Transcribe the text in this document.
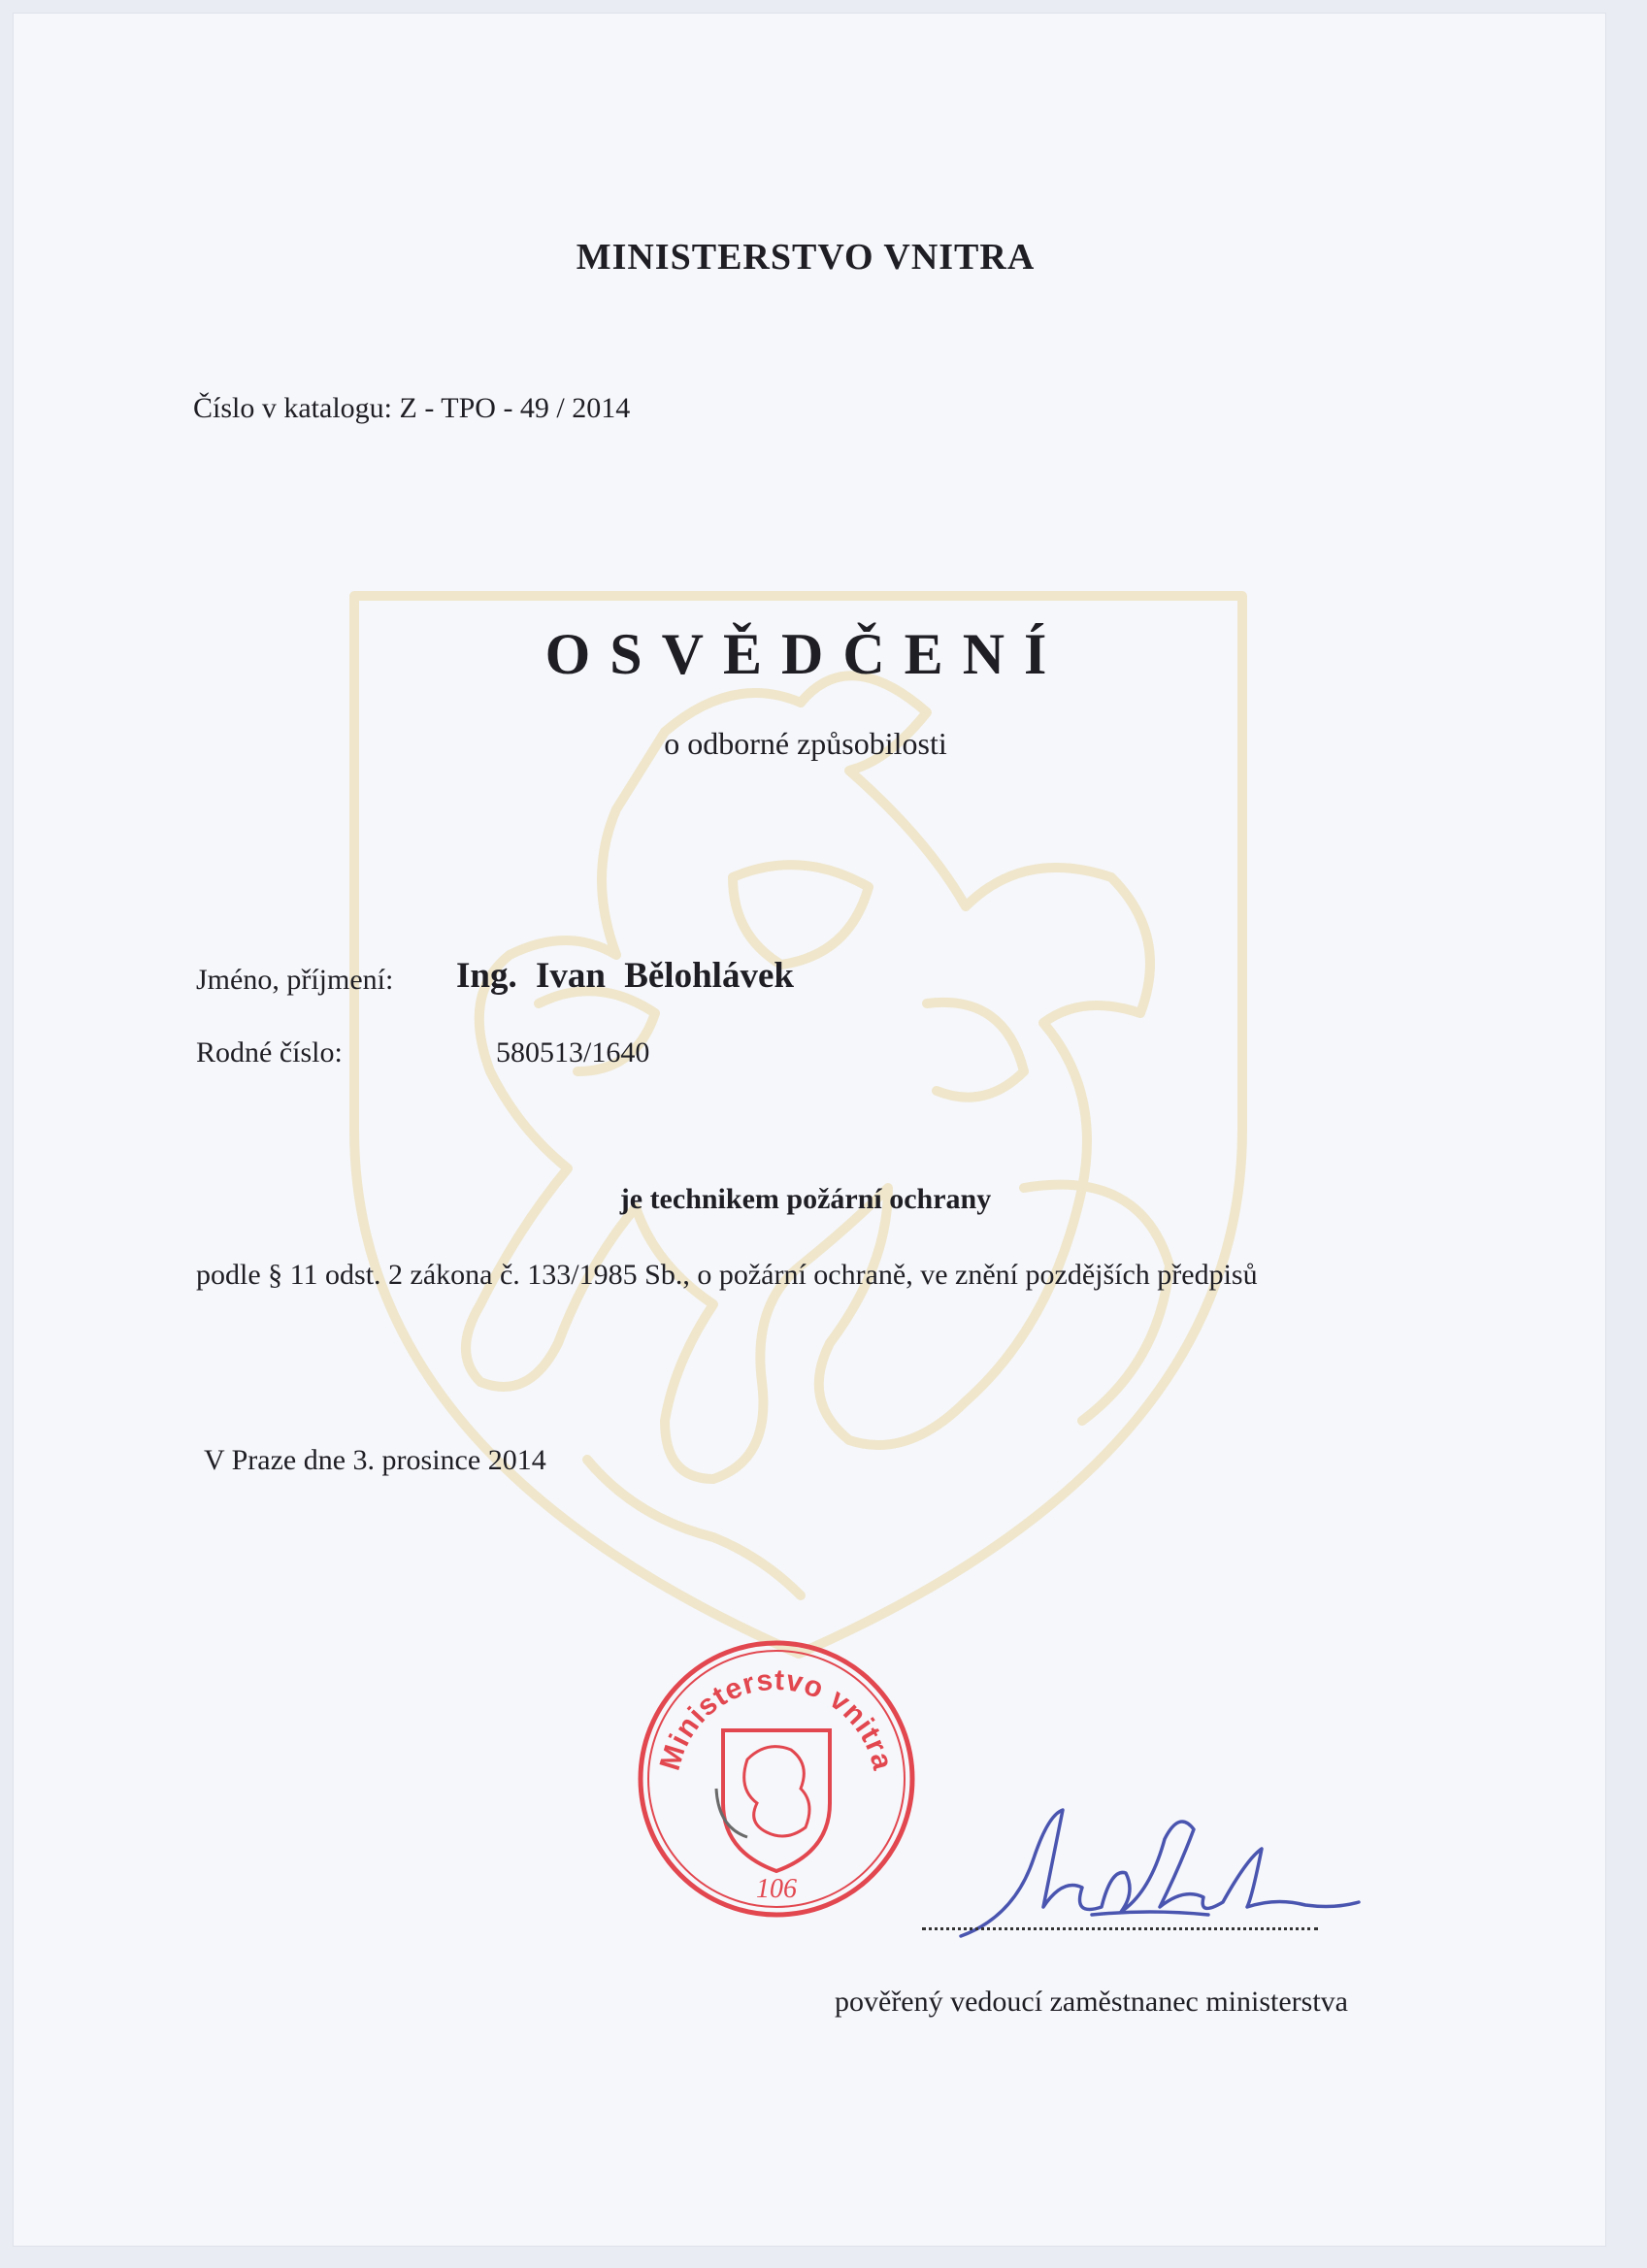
MINISTERSTVO VNITRA
Číslo v katalogu: Z - TPO - 49 / 2014
OSVĚDČENÍ
o odborné způsobilosti
Jméno, příjmení: Ing. Ivan Bělohlávek
Rodné číslo:	580513/1640
je technikem požární ochrany
podle § 11 odst. 2 zákona č. 133/1985 Sb., o požární ochraně, ve znění pozdějších předpisů
V Praze dne 3. prosince 2014
Ministerstvo vnitra
106
pověřený vedoucí zaměstnanec ministerstva
